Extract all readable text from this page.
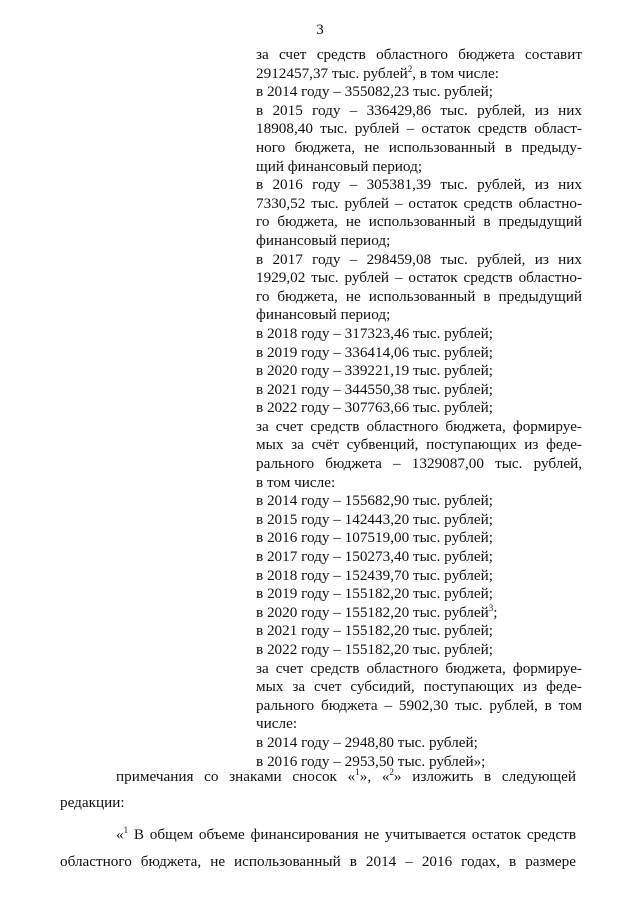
3
за счет средств областного бюджета составит
2912457,37 тыс. рублей$^2$, в том числе:
в 2014 году – 355082,23 тыс. рублей;
в 2015 году – 336429,86 тыс. рублей, из них
18908,40 тыс. рублей – остаток средств област-
ного бюджета, не использованный в предыду-
щий финансовый период;
в 2016 году – 305381,39 тыс. рублей, из них
7330,52 тыс. рублей – остаток средств областно-
го бюджета, не использованный в предыдущий
финансовый период;
в 2017 году – 298459,08 тыс. рублей, из них
1929,02 тыс. рублей – остаток средств областно-
го бюджета, не использованный в предыдущий
финансовый период;
в 2018 году – 317323,46 тыс. рублей;
в 2019 году – 336414,06 тыс. рублей;
в 2020 году – 339221,19 тыс. рублей;
в 2021 году – 344550,38 тыс. рублей;
в 2022 году – 307763,66 тыс. рублей;
за счет средств областного бюджета, формируе-
мых за счёт субвенций, поступающих из феде-
рального бюджета – 1329087,00 тыс. рублей,
в том числе:
в 2014 году – 155682,90 тыс. рублей;
в 2015 году – 142443,20 тыс. рублей;
в 2016 году – 107519,00 тыс. рублей;
в 2017 году – 150273,40 тыс. рублей;
в 2018 году – 152439,70 тыс. рублей;
в 2019 году – 155182,20 тыс. рублей;
в 2020 году – 155182,20 тыс. рублей$^3$;
в 2021 году – 155182,20 тыс. рублей;
в 2022 году – 155182,20 тыс. рублей;
за счет средств областного бюджета, формируе-
мых за счет субсидий, поступающих из феде-
рального бюджета – 5902,30 тыс. рублей, в том
числе:
в 2014 году – 2948,80 тыс. рублей;
в 2016 году – 2953,50 тыс. рублей»;
примечания со знаками сносок «$^1$», «$^2$» изложить в следующей
редакции:
«$^1$ В общем объеме финансирования не учитывается остаток средств
областного бюджета, не использованный в 2014 – 2016 годах, в размере
